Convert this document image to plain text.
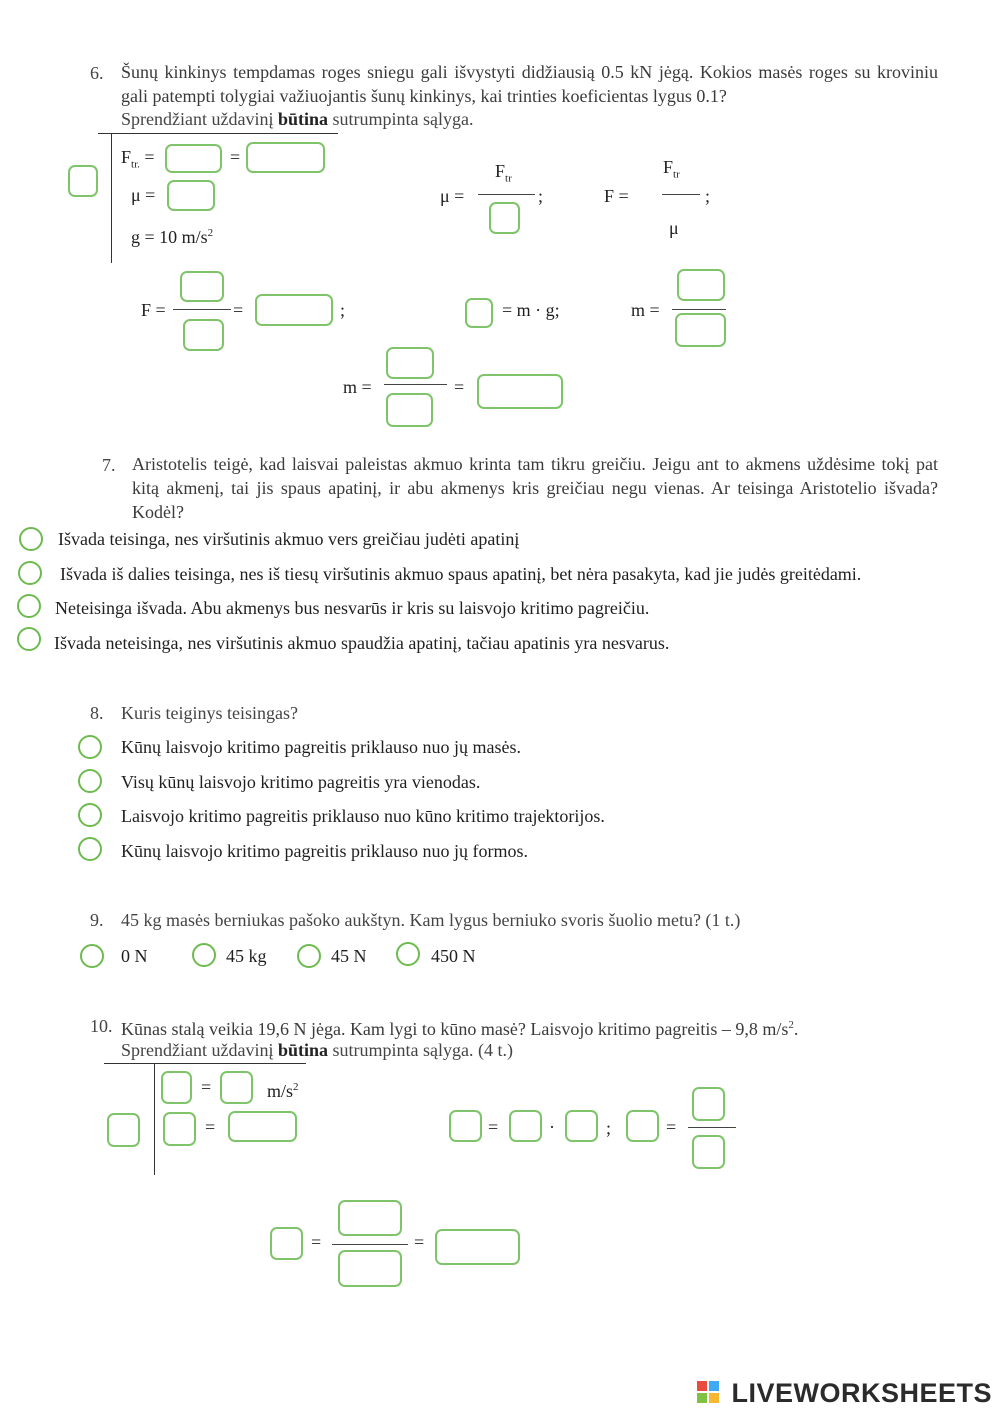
6. Šunų kinkinys tempdamas roges sniegu gali išvystyti didžiausią 0.5 kN jėgą. Kokios masės roges su kroviniu gali patempti tolygiai važiuojantis šunų kinkinys, kai trinties koeficientas lygus 0.1?
Sprendžiant uždavinį būtina sutrumpinta sąlyga.
$F_{tr.}$ =	=
μ =
g = 10 $m/s^2$
μ =
$F_{tr}$
;	F =
$F_{tr}$
;
μ
F =	=	;	= m · g;	m =
m =	=
7. Aristotelis teigė, kad laisvai paleistas akmuo krinta tam tikru greičiu. Jeigu ant to akmens uždėsime tokį pat kitą akmenį, tai jis spaus apatinį, ir abu akmenys kris greičiau negu vienas. Ar teisinga Aristotelio išvada? Kodėl?
Išvada teisinga, nes viršutinis akmuo vers greičiau judėti apatinį
Išvada iš dalies teisinga, nes iš tiesų viršutinis akmuo spaus apatinį, bet nėra pasakyta, kad jie judės greitėdami.
Neteisinga išvada. Abu akmenys bus nesvarūs ir kris su laisvojo kritimo pagreičiu.
Išvada neteisinga, nes viršutinis akmuo spaudžia apatinį, tačiau apatinis yra nesvarus.
8. Kuris teiginys teisingas?
Kūnų laisvojo kritimo pagreitis priklauso nuo jų masės.
Visų kūnų laisvojo kritimo pagreitis yra vienodas.
Laisvojo kritimo pagreitis priklauso nuo kūno kritimo trajektorijos.
Kūnų laisvojo kritimo pagreitis priklauso nuo jų formos.
9. 45 kg masės berniukas pašoko aukštyn. Kam lygus berniuko svoris šuolio metu? (1 t.)
0 N	45 kg	45 N	450 N
10. Kūnas stalą veikia 19,6 N jėga. Kam lygi to kūno masė? Laisvojo kritimo pagreitis – 9,8 $m/s^2$.
Sprendžiant uždavinį būtina sutrumpinta sąlyga. (4 t.)
=	$m/s^2$
=	=	·	;	=
=	=
LIVEWORKSHEETS
